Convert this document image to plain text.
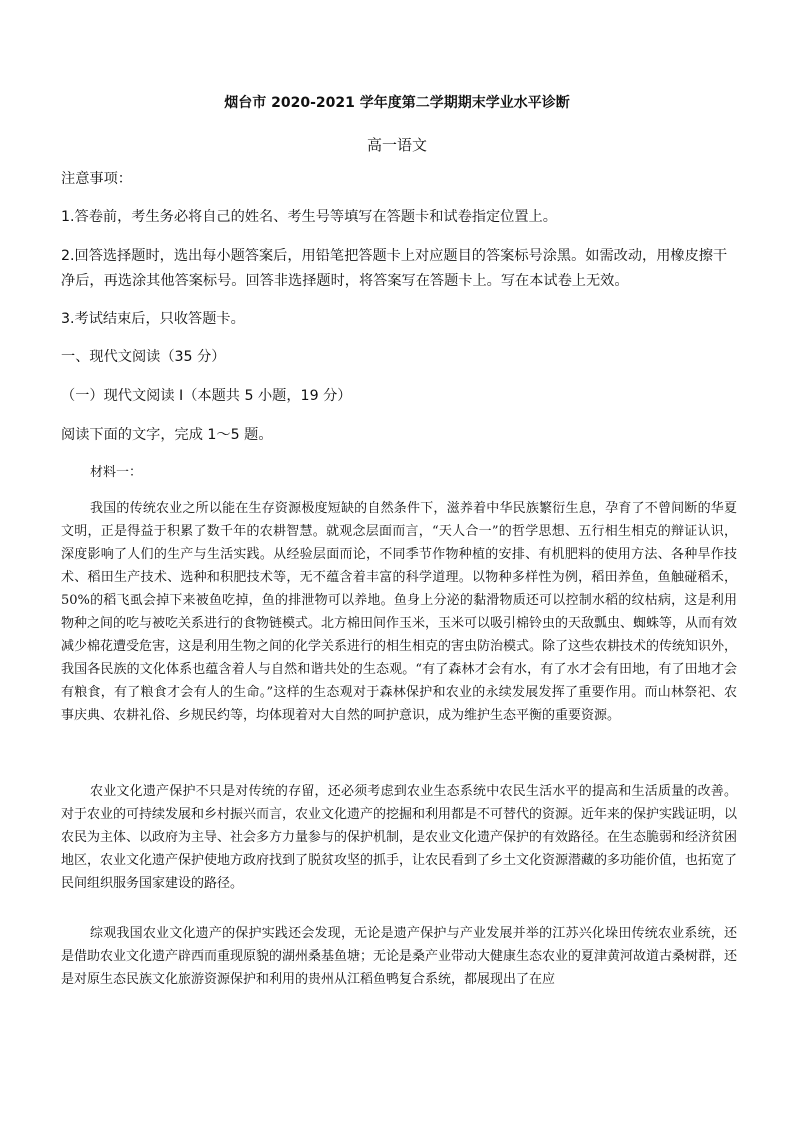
烟台市 2020-2021 学年度第二学期期末学业水平诊断
高一语文
注意事项：
1.答卷前，考生务必将自己的姓名、考生号等填写在答题卡和试卷指定位置上。
2.回答选择题时，选出每小题答案后，用铅笔把答题卡上对应题目的答案标号涂黑。如需改动，用橡皮擦干
净后，再选涂其他答案标号。回答非选择题时，将答案写在答题卡上。写在本试卷上无效。
3.考试结束后，只收答题卡。
一、现代文阅读（35 分）
（一）现代文阅读 I（本题共 5 小题，19 分）
阅读下面的文字，完成 1～5 题。
材料一：

我国的传统农业之所以能在生存资源极度短缺的自然条件下，滋养着中华民族繁衍生息，孕育了不曾间断的华夏文明，正是得益于积累了数千年的农耕智慧。就观念层面而言，“天人合一”的哲学思想、五行相生相克的辩证认识，深度影响了人们的生产与生活实践。从经验层面而论，不同季节作物种植的安排、有机肥料的使用方法、各种旱作技术、稻田生产技术、选种和积肥技术等，无不蕴含着丰富的科学道理。以物种多样性为例，稻田养鱼，鱼触碰稻禾，50%的稻飞虱会掉下来被鱼吃掉，鱼的排泄物可以养地。鱼身上分泌的黏滑物质还可以控制水稻的纹枯病，这是利用物种之间的吃与被吃关系进行的食物链模式。北方棉田间作玉米，玉米可以吸引棉铃虫的天敌瓢虫、蜘蛛等，从而有效减少棉花遭受危害，这是利用生物之间的化学关系进行的相生相克的害虫防治模式。除了这些农耕技术的传统知识外，我国各民族的文化体系也蕴含着人与自然和谐共处的生态观。“有了森林才会有水，有了水才会有田地，有了田地才会有粮食，有了粮食才会有人的生命。”这样的生态观对于森林保护和农业的永续发展发挥了重要作用。而山林祭祀、农事庆典、农耕礼俗、乡规民约等，均体现着对大自然的呵护意识，成为维护生态平衡的重要资源。

农业文化遗产保护不只是对传统的存留，还必须考虑到农业生态系统中农民生活水平的提高和生活质量的改善。对于农业的可持续发展和乡村振兴而言，农业文化遗产的挖掘和利用都是不可替代的资源。近年来的保护实践证明，以农民为主体、以政府为主导、社会多方力量参与的保护机制，是农业文化遗产保护的有效路径。在生态脆弱和经济贫困地区，农业文化遗产保护使地方政府找到了脱贫攻坚的抓手，让农民看到了乡土文化资源潜藏的多功能价值，也拓宽了民间组织服务国家建设的路径。

综观我国农业文化遗产的保护实践还会发现，无论是遗产保护与产业发展并举的江苏兴化垛田传统农业系统，还是借助农业文化遗产辟西而重现原貌的湖州桑基鱼塘；无论是桑产业带动大健康生态农业的夏津黄河故道古桑树群，还是对原生态民族文化旅游资源保护和利用的贵州从江稻鱼鸭复合系统，都展现出了在应
